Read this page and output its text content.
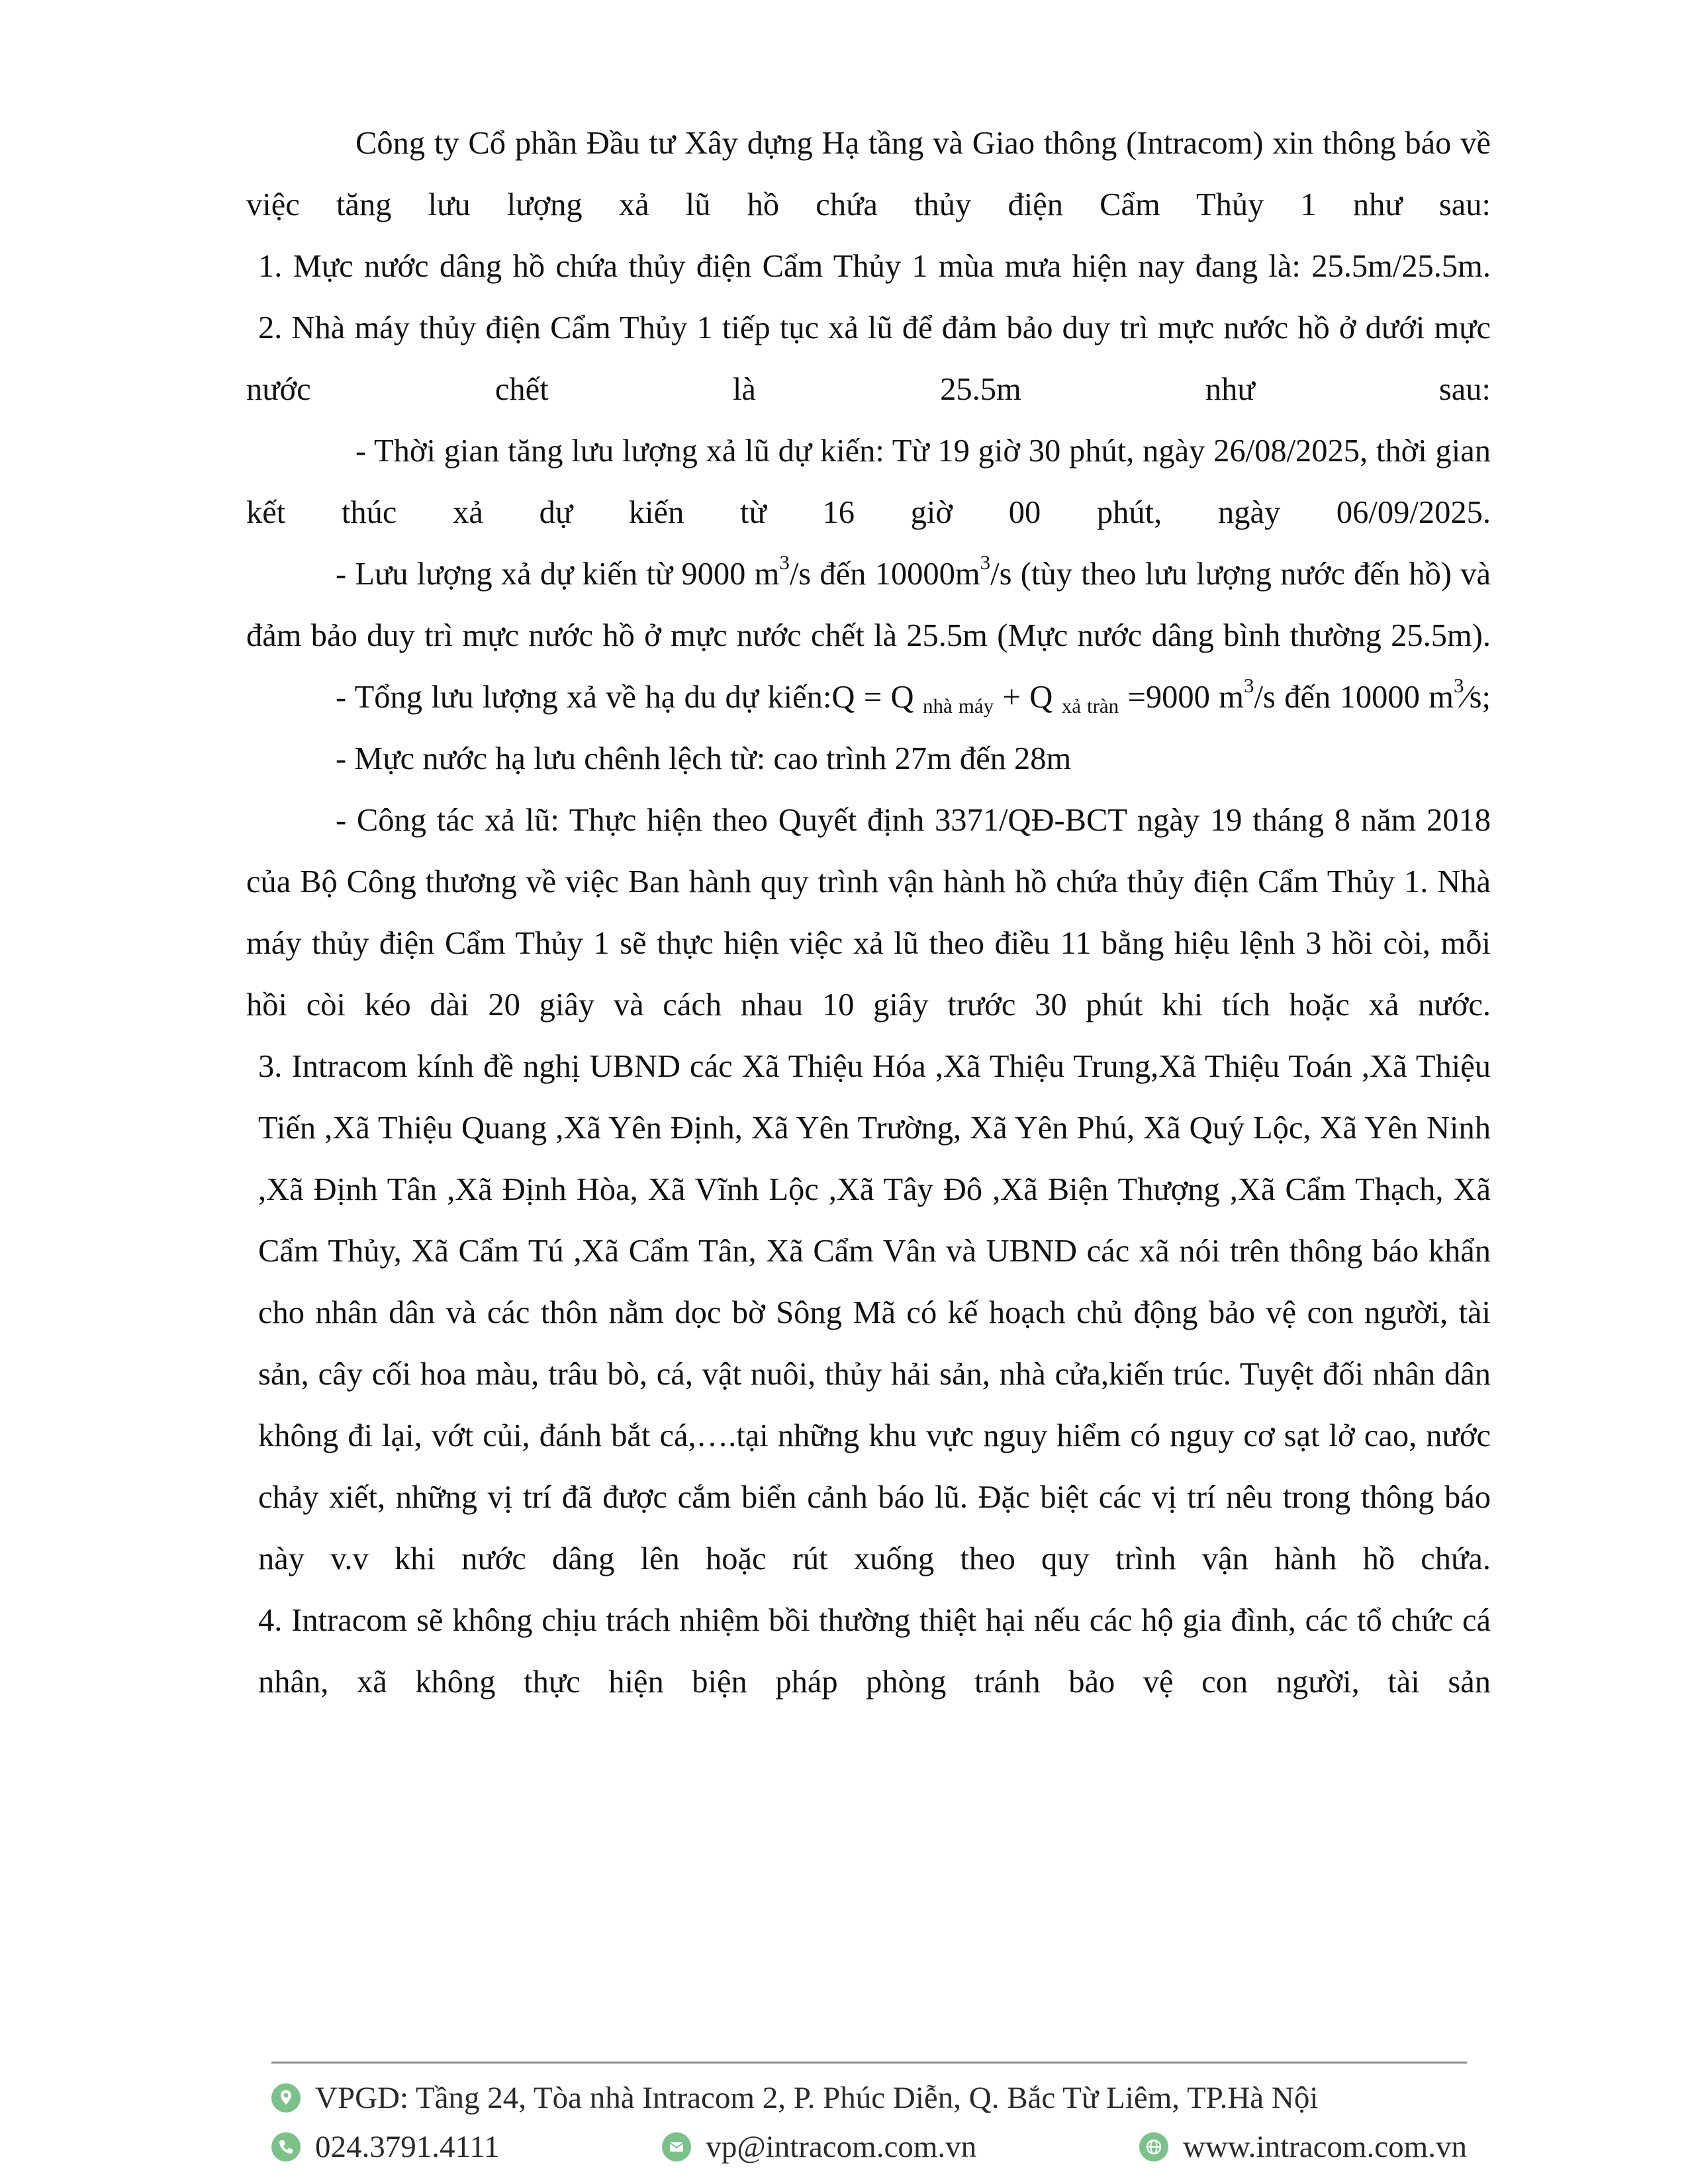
Công ty Cổ phần Đầu tư Xây dựng Hạ tầng và Giao thông (Intracom) xin thông báo về việc tăng lưu lượng xả lũ hồ chứa thủy điện Cẩm Thủy 1 như sau:

1. Mực nước dâng hồ chứa thủy điện Cẩm Thủy 1 mùa mưa hiện nay đang là: 25.5m/25.5m.

2. Nhà máy thủy điện Cẩm Thủy 1 tiếp tục xả lũ để đảm bảo duy trì mực nước hồ ở dưới mực nước chết là 25.5m như sau:

- Thời gian tăng lưu lượng xả lũ dự kiến: Từ 19 giờ 30 phút, ngày 26/08/2025, thời gian kết thúc xả dự kiến từ 16 giờ 00 phút, ngày 06/09/2025.

- Lưu lượng xả dự kiến từ 9000 $m^3/s$ đến $10000m^3/s$ (tùy theo lưu lượng nước đến hồ) và đảm bảo duy trì mực nước hồ ở mực nước chết là 25.5m (Mực nước dâng bình thường 25.5m).

- Tổng lưu lượng xả về hạ du dự kiến:Q = Q $_{nhà máy}$ + Q $_{xả tràn}$ =9000 $m^3/s$ đến 10000 $m^3⁄s$;

- Mực nước hạ lưu chênh lệch từ: cao trình 27m đến 28m

- Công tác xả lũ: Thực hiện theo Quyết định 3371/QĐ-BCT ngày 19 tháng 8 năm 2018 của Bộ Công thương về việc Ban hành quy trình vận hành hồ chứa thủy điện Cẩm Thủy 1. Nhà máy thủy điện Cẩm Thủy 1 sẽ thực hiện việc xả lũ theo điều 11 bằng hiệu lệnh 3 hồi còi, mỗi hồi còi kéo dài 20 giây và cách nhau 10 giây trước 30 phút khi tích hoặc xả nước.

3. Intracom kính đề nghị UBND các Xã Thiệu Hóa ,Xã Thiệu Trung,Xã Thiệu Toán ,Xã Thiệu Tiến ,Xã Thiệu Quang ,Xã Yên Định, Xã Yên Trường, Xã Yên Phú, Xã Quý Lộc, Xã Yên Ninh ,Xã Định Tân ,Xã Định Hòa, Xã Vĩnh Lộc ,Xã Tây Đô ,Xã Biện Thượng ,Xã Cẩm Thạch, Xã Cẩm Thủy, Xã Cẩm Tú ,Xã Cẩm Tân, Xã Cẩm Vân và UBND các xã nói trên thông báo khẩn cho nhân dân và các thôn nằm dọc bờ Sông Mã có kế hoạch chủ động bảo vệ con người, tài sản, cây cối hoa màu, trâu bò, cá, vật nuôi, thủy hải sản, nhà cửa,kiến trúc. Tuyệt đối nhân dân không đi lại, vớt củi, đánh bắt cá,….tại những khu vực nguy hiểm có nguy cơ sạt lở cao, nước chảy xiết, những vị trí đã được cắm biển cảnh báo lũ. Đặc biệt các vị trí nêu trong thông báo này v.v khi nước dâng lên hoặc rút xuống theo quy trình vận hành hồ chứa.

4. Intracom sẽ không chịu trách nhiệm bồi thường thiệt hại nếu các hộ gia đình, các tổ chức cá nhân, xã không thực hiện biện pháp phòng tránh bảo vệ con người, tài sản

VPGD: Tầng 24, Tòa nhà Intracom 2, P. Phúc Diễn, Q. Bắc Từ Liêm, TP.Hà Nội
024.3791.4111	vp@intracom.com.vn	www.intracom.com.vn
